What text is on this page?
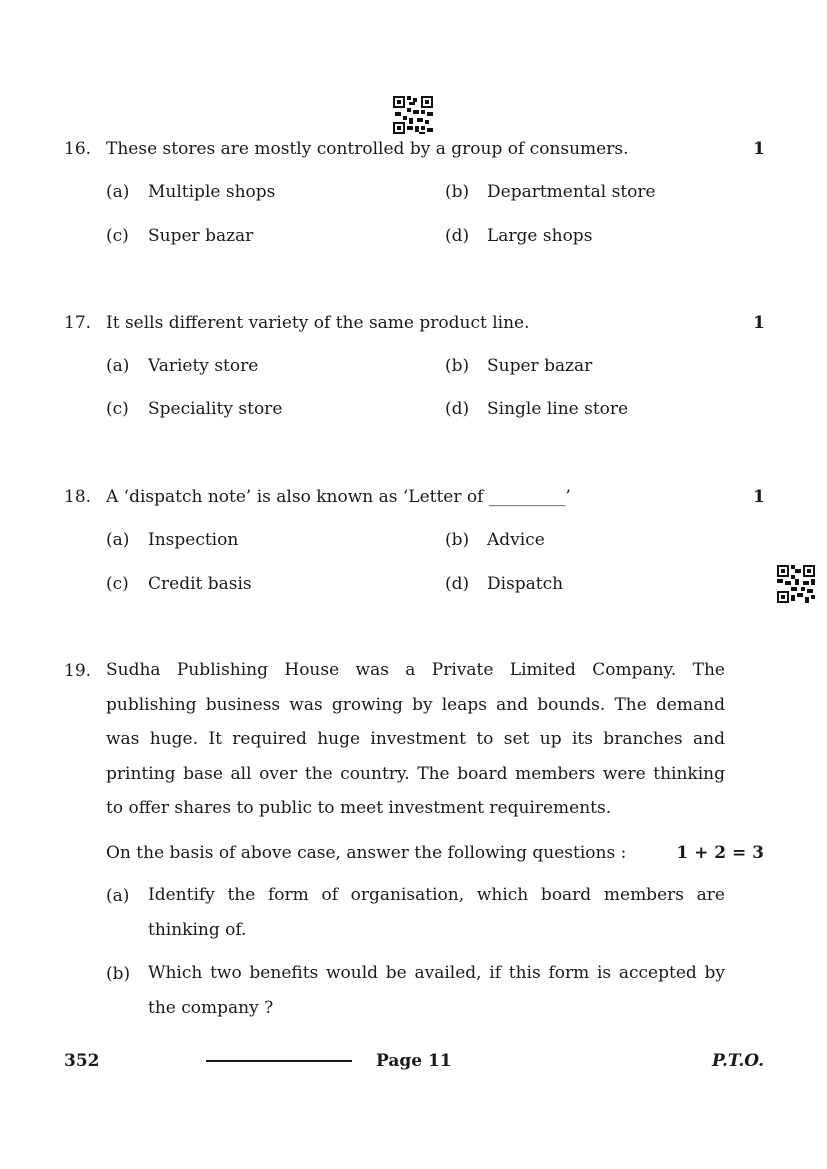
16. These stores are mostly controlled by a group of consumers.	1
(a) Multiple shops	(b) Departmental store
(c) Super bazar	(d) Large shops
17. It sells different variety of the same product line.	1
(a) Variety store	(b) Super bazar
(c) Speciality store	(d) Single line store
18. A ‘dispatch note’ is also known as ‘Letter of _________’	1
(a) Inspection	(b) Advice
(c) Credit basis	(d) Dispatch
19. Sudha Publishing House was a Private Limited Company. The publishing business was growing by leaps and bounds. The demand was huge. It required huge investment to set up its branches and printing base all over the country. The board members were thinking to offer shares to public to meet investment requirements.
On the basis of above case, answer the following questions :	1 + 2 = 3
(a) Identify the form of organisation, which board members are thinking of.
(b) Which two benefits would be availed, if this form is accepted by the company ?
352	Page 11	P.T.O.
